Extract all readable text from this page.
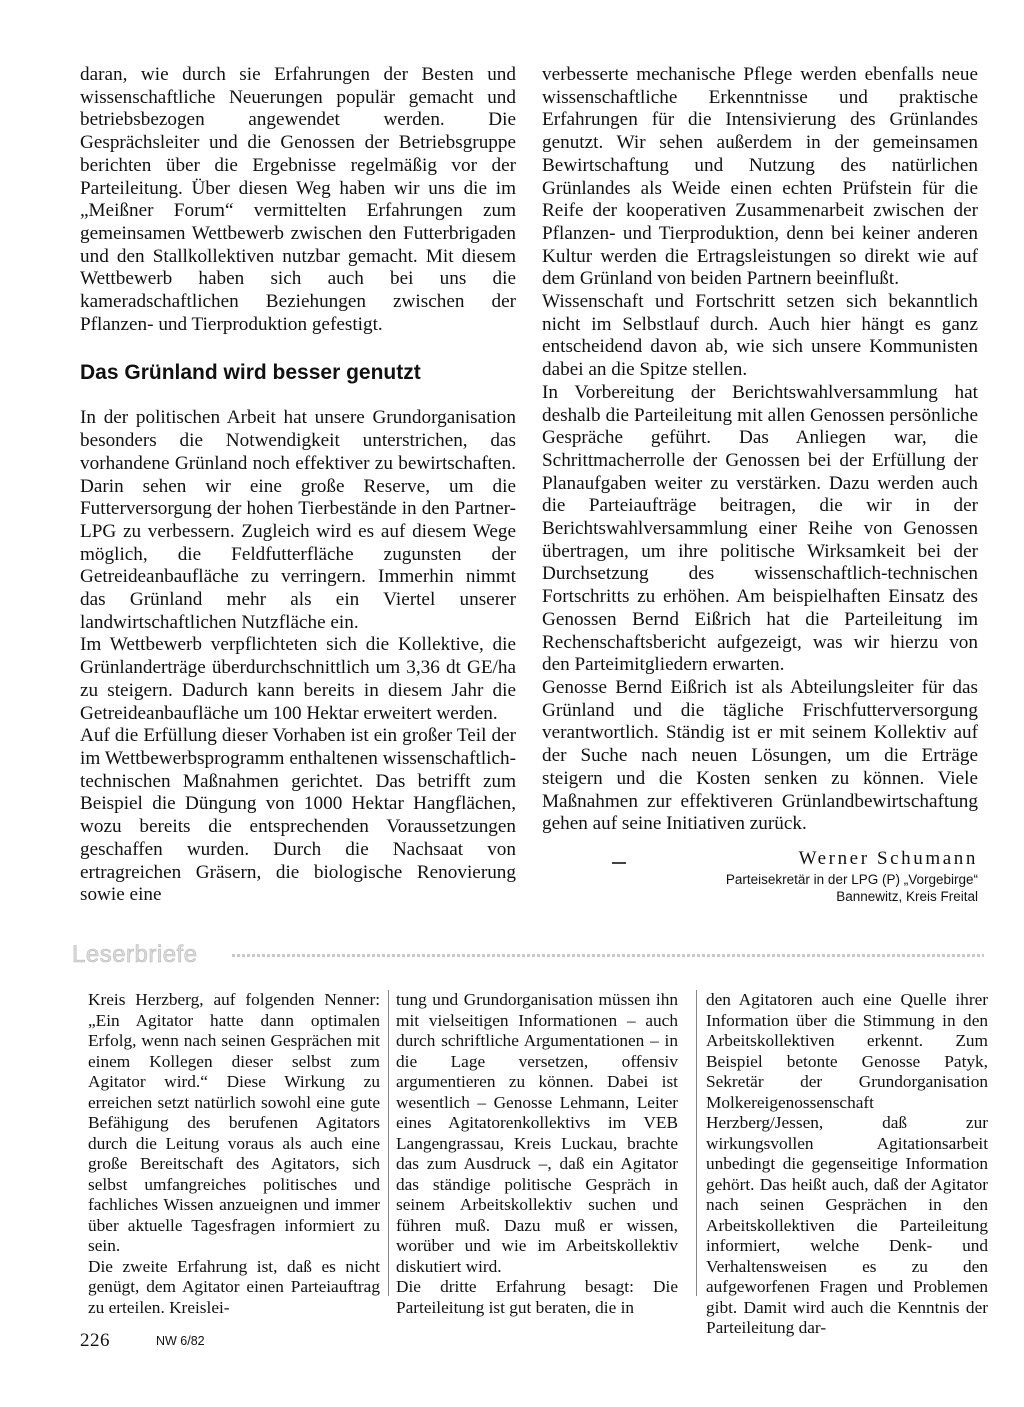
daran, wie durch sie Erfahrungen der Besten und wissenschaftliche Neuerungen populär gemacht und betriebsbezogen angewendet werden. Die Gesprächsleiter und die Genossen der Betriebsgruppe berichten über die Ergebnisse regelmäßig vor der Parteileitung. Über diesen Weg haben wir uns die im „Meißner Forum“ vermittelten Erfahrungen zum gemeinsamen Wettbewerb zwischen den Futterbrigaden und den Stallkollektiven nutzbar gemacht. Mit diesem Wettbewerb haben sich auch bei uns die kameradschaftlichen Beziehungen zwischen der Pflanzen- und Tierproduktion gefestigt.

Das Grünland wird besser genutzt

In der politischen Arbeit hat unsere Grundorganisation besonders die Notwendigkeit unterstrichen, das vorhandene Grünland noch effektiver zu bewirtschaften. Darin sehen wir eine große Reserve, um die Futterversorgung der hohen Tierbestände in den Partner-LPG zu verbessern. Zugleich wird es auf diesem Wege möglich, die Feldfutterfläche zugunsten der Getreideanbaufläche zu verringern. Immerhin nimmt das Grünland mehr als ein Viertel unserer landwirtschaftlichen Nutzfläche ein.

Im Wettbewerb verpflichteten sich die Kollektive, die Grünlanderträge überdurchschnittlich um 3,36 dt GE/ha zu steigern. Dadurch kann bereits in diesem Jahr die Getreideanbaufläche um 100 Hektar erweitert werden.

Auf die Erfüllung dieser Vorhaben ist ein großer Teil der im Wettbewerbsprogramm enthaltenen wissenschaftlich-technischen Maßnahmen gerichtet. Das betrifft zum Beispiel die Düngung von 1000 Hektar Hangflächen, wozu bereits die entsprechenden Voraussetzungen geschaffen wurden. Durch die Nachsaat von ertragreichen Gräsern, die biologische Renovierung sowie eine

verbesserte mechanische Pflege werden ebenfalls neue wissenschaftliche Erkenntnisse und praktische Erfahrungen für die Intensivierung des Grünlandes genutzt. Wir sehen außerdem in der gemeinsamen Bewirtschaftung und Nutzung des natürlichen Grünlandes als Weide einen echten Prüfstein für die Reife der kooperativen Zusammenarbeit zwischen der Pflanzen- und Tierproduktion, denn bei keiner anderen Kultur werden die Ertragsleistungen so direkt wie auf dem Grünland von beiden Partnern beeinflußt.

Wissenschaft und Fortschritt setzen sich bekanntlich nicht im Selbstlauf durch. Auch hier hängt es ganz entscheidend davon ab, wie sich unsere Kommunisten dabei an die Spitze stellen.

In Vorbereitung der Berichtswahlversammlung hat deshalb die Parteileitung mit allen Genossen persönliche Gespräche geführt. Das Anliegen war, die Schrittmacherrolle der Genossen bei der Erfüllung der Planaufgaben weiter zu verstärken. Dazu werden auch die Parteiaufträge beitragen, die wir in der Berichtswahlversammlung einer Reihe von Genossen übertragen, um ihre politische Wirksamkeit bei der Durchsetzung des wissenschaftlich-technischen Fortschritts zu erhöhen. Am beispielhaften Einsatz des Genossen Bernd Eißrich hat die Parteileitung im Rechenschaftsbericht aufgezeigt, was wir hierzu von den Parteimitgliedern erwarten.

Genosse Bernd Eißrich ist als Abteilungsleiter für das Grünland und die tägliche Frischfutterversorgung verantwortlich. Ständig ist er mit seinem Kollektiv auf der Suche nach neuen Lösungen, um die Erträge steigern und die Kosten senken zu können. Viele Maßnahmen zur effektiveren Grünlandbewirtschaftung gehen auf seine Initiativen zurück.

Werner Schumann

Parteisekretär in der LPG (P) „Vorgebirge“

Bannewitz, Kreis Freital

Leserbriefe

Kreis Herzberg, auf folgenden Nenner: „Ein Agitator hatte dann optimalen Erfolg, wenn nach seinen Gesprächen mit einem Kollegen dieser selbst zum Agitator wird.“ Diese Wirkung zu erreichen setzt natürlich sowohl eine gute Befähigung des berufenen Agitators durch die Leitung voraus als auch eine große Bereitschaft des Agitators, sich selbst umfangreiches politisches und fachliches Wissen anzueignen und immer über aktuelle Tagesfragen informiert zu sein.

Die zweite Erfahrung ist, daß es nicht genügt, dem Agitator einen Parteiauftrag zu erteilen. Kreislei-

tung und Grundorganisation müssen ihn mit vielseitigen Informationen – auch durch schriftliche Argumentationen – in die Lage versetzen, offensiv argumentieren zu können. Dabei ist wesentlich – Genosse Lehmann, Leiter eines Agitatorenkollektivs im VEB Langengrassau, Kreis Luckau, brachte das zum Ausdruck –, daß ein Agitator das ständige politische Gespräch in seinem Arbeitskollektiv suchen und führen muß. Dazu muß er wissen, worüber und wie im Arbeitskollektiv diskutiert wird.

Die dritte Erfahrung besagt: Die Parteileitung ist gut beraten, die in

den Agitatoren auch eine Quelle ihrer Information über die Stimmung in den Arbeitskollektiven erkennt. Zum Beispiel betonte Genosse Patyk, Sekretär der Grundorganisation Molkereigenossenschaft Herzberg/Jessen, daß zur wirkungsvollen Agitationsarbeit unbedingt die gegenseitige Information gehört. Das heißt auch, daß der Agitator nach seinen Gesprächen in den Arbeitskollektiven die Parteileitung informiert, welche Denk- und Verhaltensweisen es zu den aufgeworfenen Fragen und Problemen gibt. Damit wird auch die Kenntnis der Parteileitung dar-

226	NW 6/82
